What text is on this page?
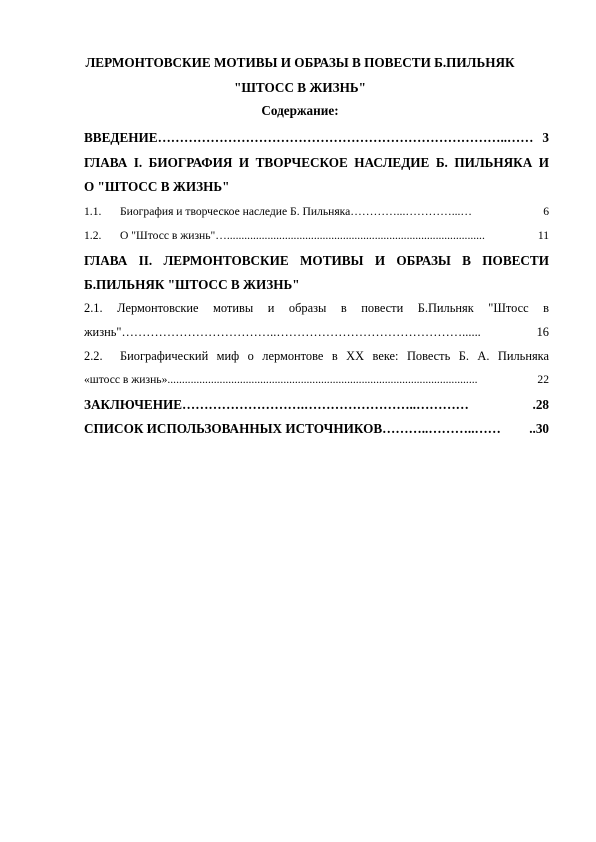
ЛЕРМОНТОВСКИЕ МОТИВЫ И ОБРАЗЫ В ПОВЕСТИ Б.ПИЛЬНЯК
"ШТОСС В ЖИЗНЬ"
Содержание:
ВВЕДЕНИЕ ……………………………………………………………………..…… 3
ГЛАВА I. БИОГРАФИЯ И ТВОРЧЕСКОЕ НАСЛЕДИЕ Б. ПИЛЬНЯКА И
О "ШТОСС В ЖИЗНЬ"
1.1. Биография и творческое наследие Б. Пильняка …………...…………...…	6
1.2. О "Штосс в жизнь" ….........................................................................................	11
ГЛАВА II. ЛЕРМОНТОВСКИЕ МОТИВЫ И ОБРАЗЫ В ПОВЕСТИ
Б.ПИЛЬНЯК "ШТОСС В ЖИЗНЬ"
2.1. Лермонтовские мотивы и образы в повести Б.Пильняк "Штосс в
жизнь" ………………………………..………………………………………......	16
2.2.	Биографический миф о лермонтове в XX веке: Повесть Б. А. Пильняка
«штосс в жизнь» ...........................................................................................................	22
ЗАКЛЮЧЕНИЕ ……………………….……………………..…………	.28
СПИСОК ИСПОЛЬЗОВАННЫХ ИСТОЧНИКОВ ………..………..……	..30
